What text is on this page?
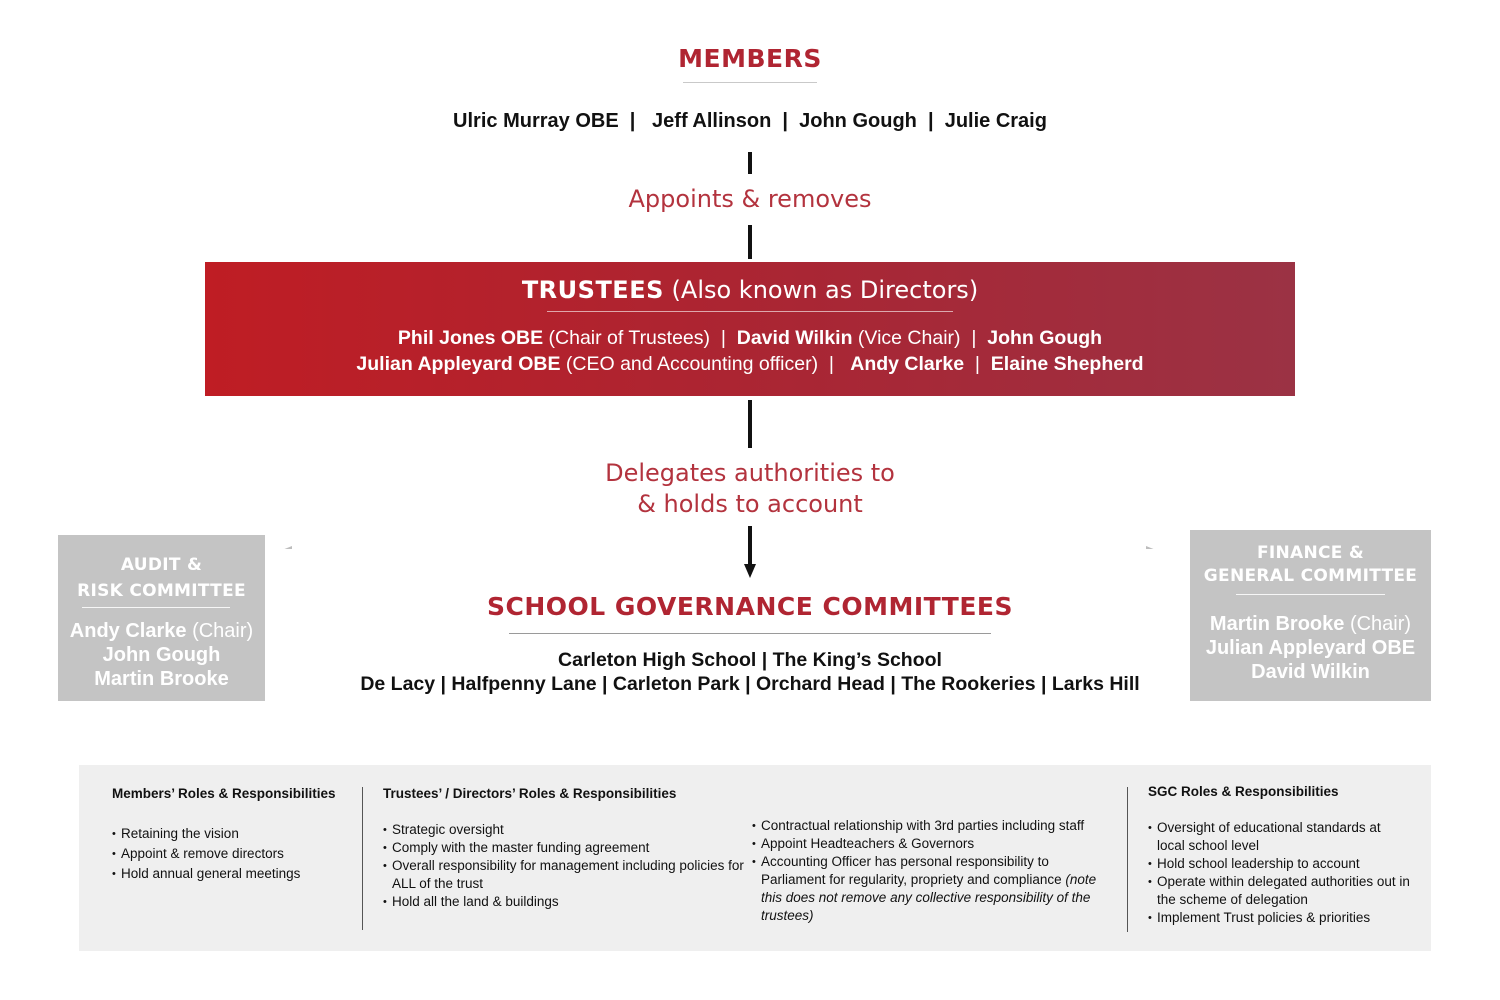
MEMBERS
Ulric Murray OBE  |   Jeff Allinson  |  John Gough  |  Julie Craig
Appoints & removes
TRUSTEES (Also known as Directors)
Phil Jones OBE (Chair of Trustees)  |  David Wilkin (Vice Chair)  |  John Gough
Julian Appleyard OBE (CEO and Accounting officer)  |   Andy Clarke  |  Elaine Shepherd
Delegates authorities to
& holds to account
AUDIT &
RISK COMMITTEE
Andy Clarke (Chair)
John Gough
Martin Brooke
FINANCE &
GENERAL COMMITTEE
Martin Brooke (Chair)
Julian Appleyard OBE
David Wilkin
SCHOOL GOVERNANCE COMMITTEES
Carleton High School | The King’s School
De Lacy | Halfpenny Lane | Carleton Park | Orchard Head | The Rookeries | Larks Hill
Members’ Roles & Responsibilities
• Retaining the vision
• Appoint & remove directors
• Hold annual general meetings
Trustees’ / Directors’ Roles & Responsibilities
• Strategic oversight
• Comply with the master funding agreement
• Overall responsibility for management including policies for ALL of the trust
• Hold all the land & buildings
• Contractual relationship with 3rd parties including staff
• Appoint Headteachers & Governors
• Accounting Officer has personal responsibility to Parliament for regularity, propriety and compliance (note this does not remove any collective responsibility of the trustees)
SGC Roles & Responsibilities
• Oversight of educational standards at local school level
• Hold school leadership to account
• Operate within delegated authorities out in the scheme of delegation
• Implement Trust policies & priorities
